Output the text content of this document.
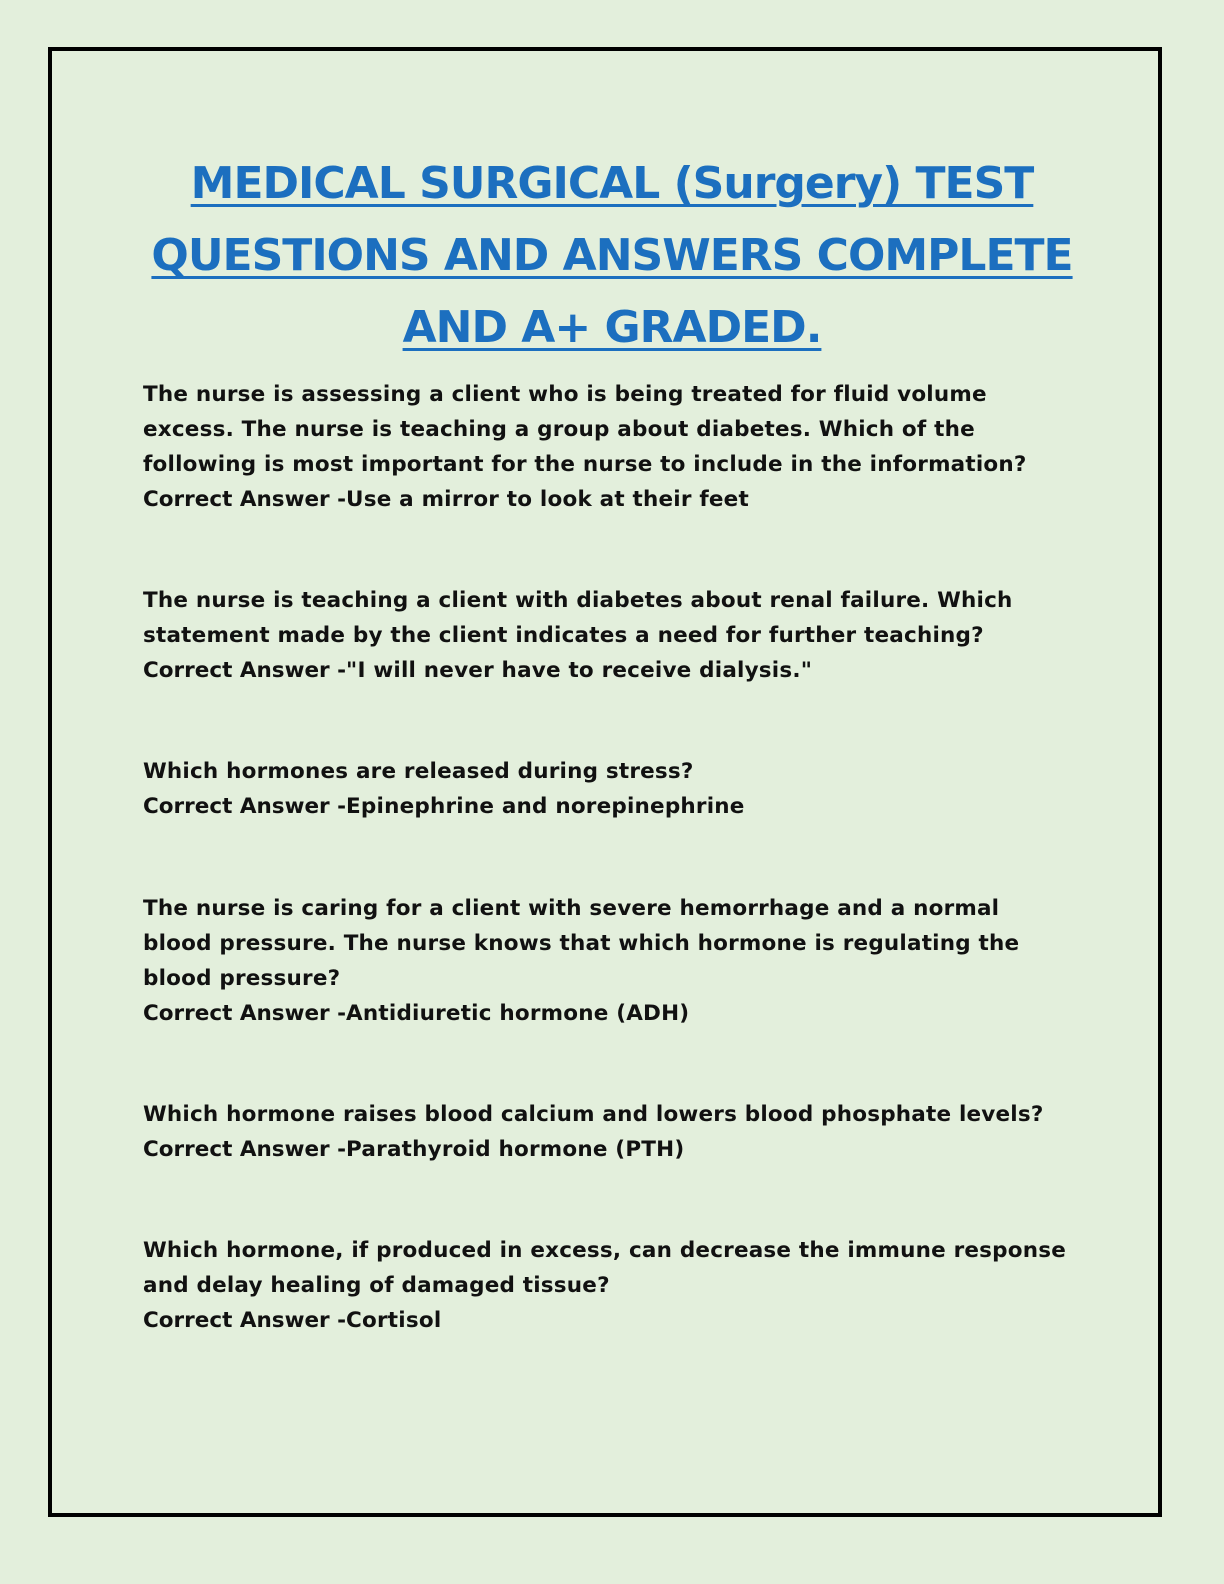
MEDICAL SURGICAL (Surgery) TEST
QUESTIONS AND ANSWERS COMPLETE
AND A+ GRADED.

The nurse is assessing a client who is being treated for fluid volume

excess. The nurse is teaching a group about diabetes. Which of the

following is most important for the nurse to include in the information?

Correct Answer -Use a mirror to look at their feet

The nurse is teaching a client with diabetes about renal failure. Which

statement made by the client indicates a need for further teaching?

Correct Answer -"I will never have to receive dialysis."

Which hormones are released during stress?

Correct Answer -Epinephrine and norepinephrine

The nurse is caring for a client with severe hemorrhage and a normal

blood pressure. The nurse knows that which hormone is regulating the

blood pressure?

Correct Answer -Antidiuretic hormone (ADH)

Which hormone raises blood calcium and lowers blood phosphate levels?

Correct Answer -Parathyroid hormone (PTH)

Which hormone, if produced in excess, can decrease the immune response

and delay healing of damaged tissue?

Correct Answer -Cortisol
